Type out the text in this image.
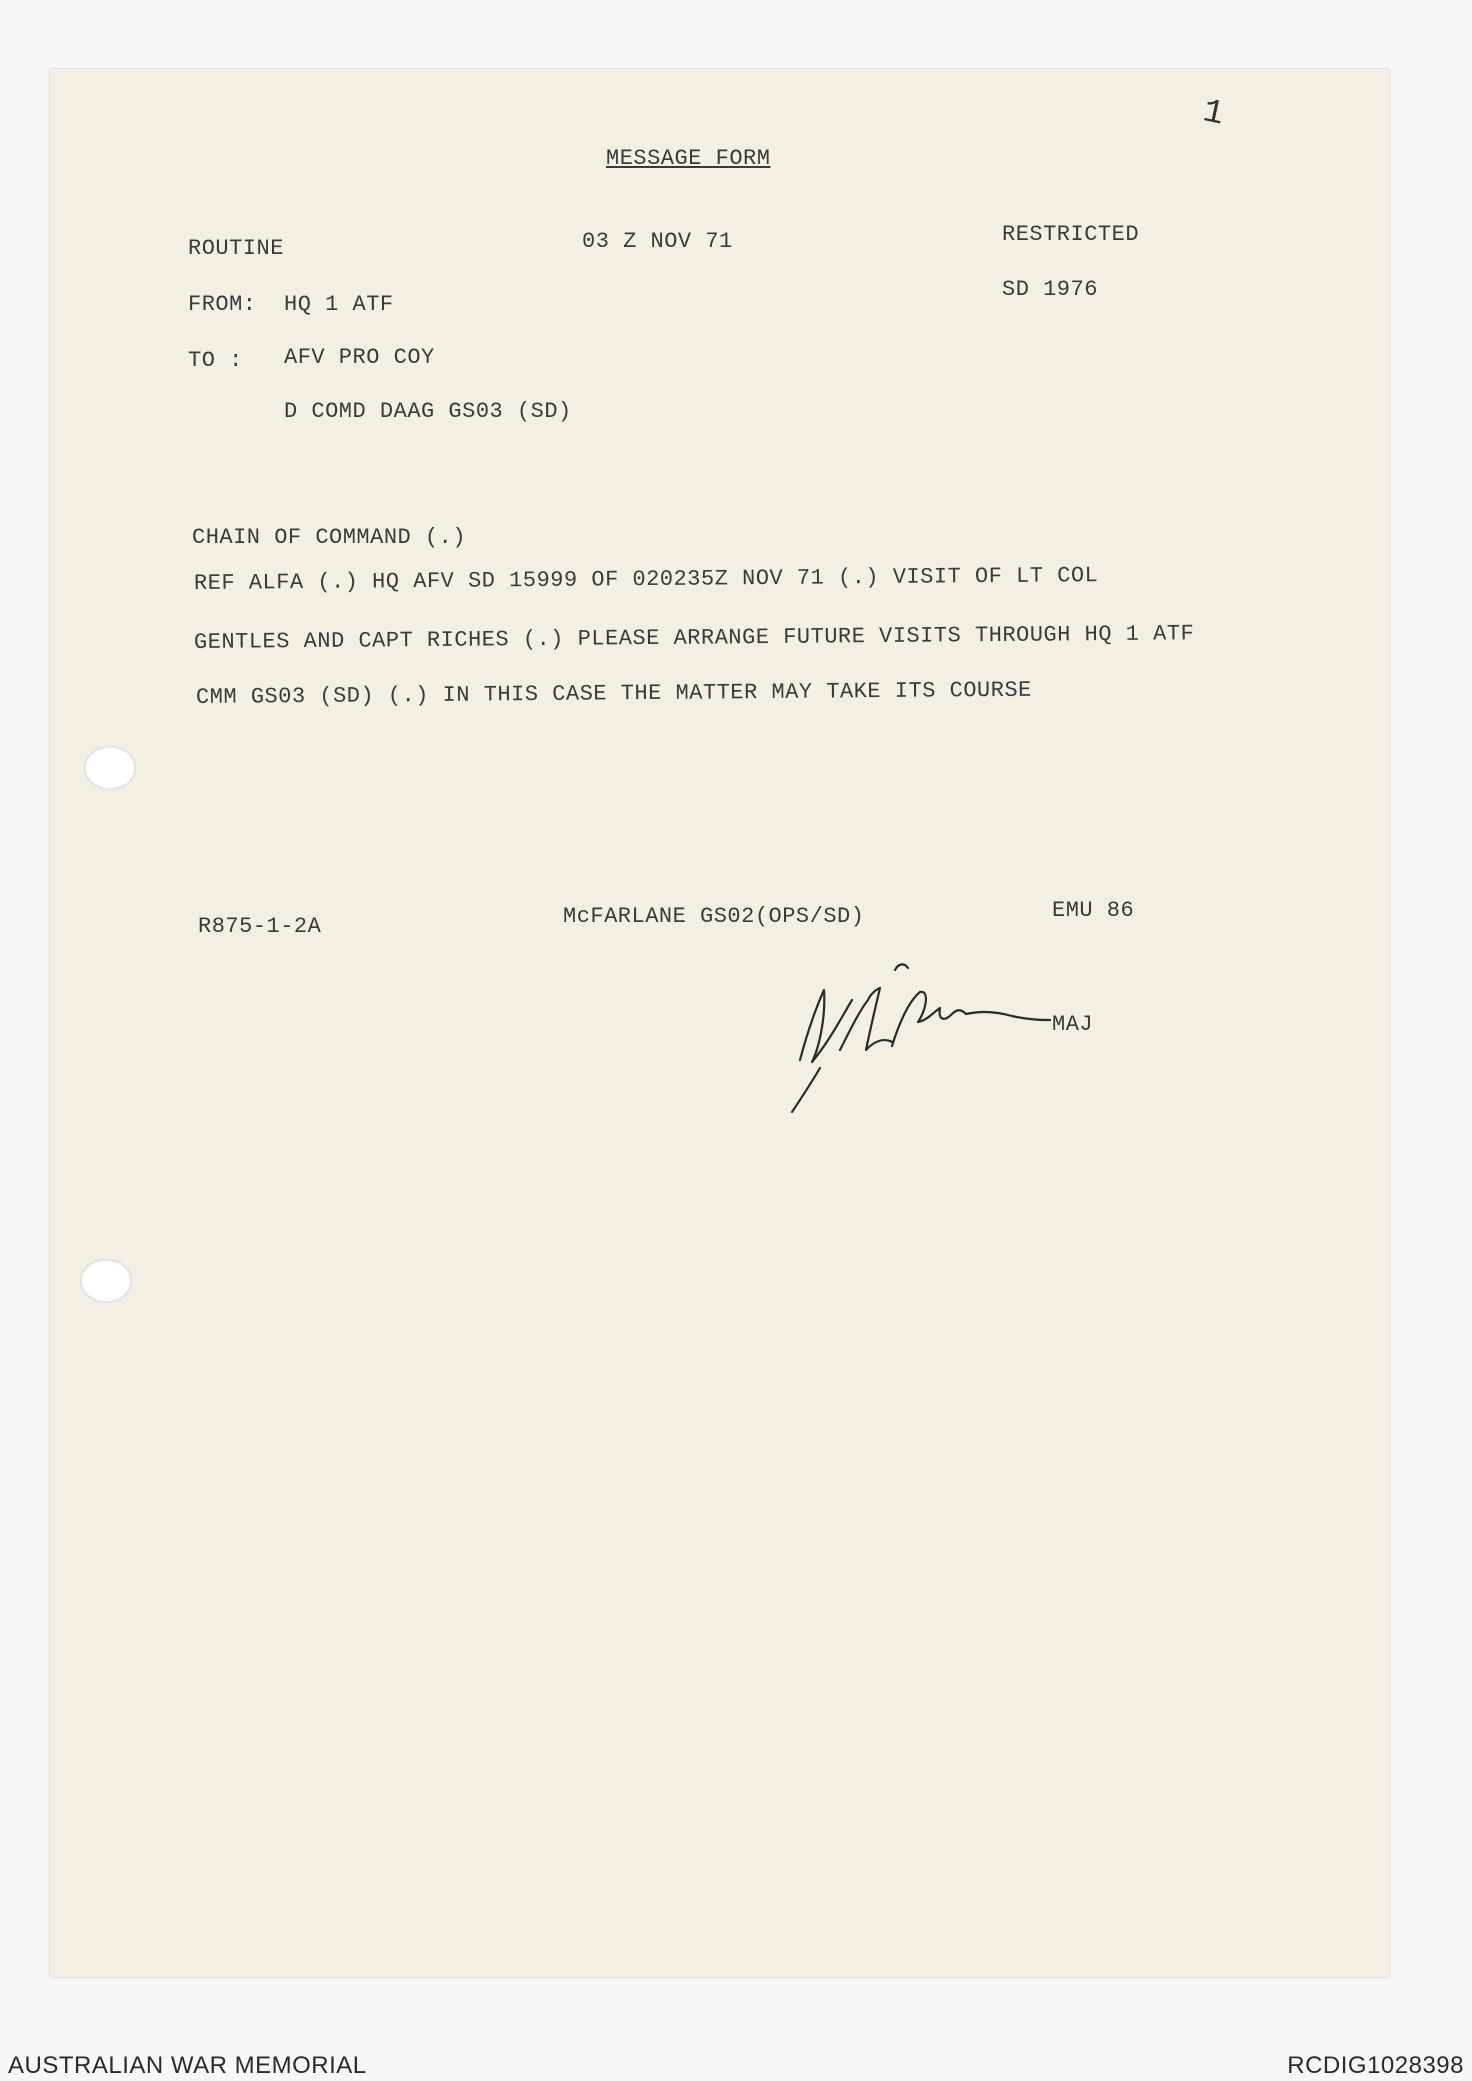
1
MESSAGE FORM
ROUTINE	03 Z NOV 71	RESTRICTED
SD 1976
FROM: HQ 1 ATF
TO : AFV PRO COY
D COMD DAAG GS03 (SD)
CHAIN OF COMMAND (.)
REF ALFA (.) HQ AFV SD 15999 OF 020235Z NOV 71 (.) VISIT OF LT COL
GENTLES AND CAPT RICHES (.) PLEASE ARRANGE FUTURE VISITS THROUGH HQ 1 ATF
CMM GS03 (SD) (.) IN THIS CASE THE MATTER MAY TAKE ITS COURSE
R875-1-2A	McFARLANE GS02(OPS/SD)	EMU 86
MAJ
AUSTRALIAN WAR MEMORIAL	RCDIG1028398
